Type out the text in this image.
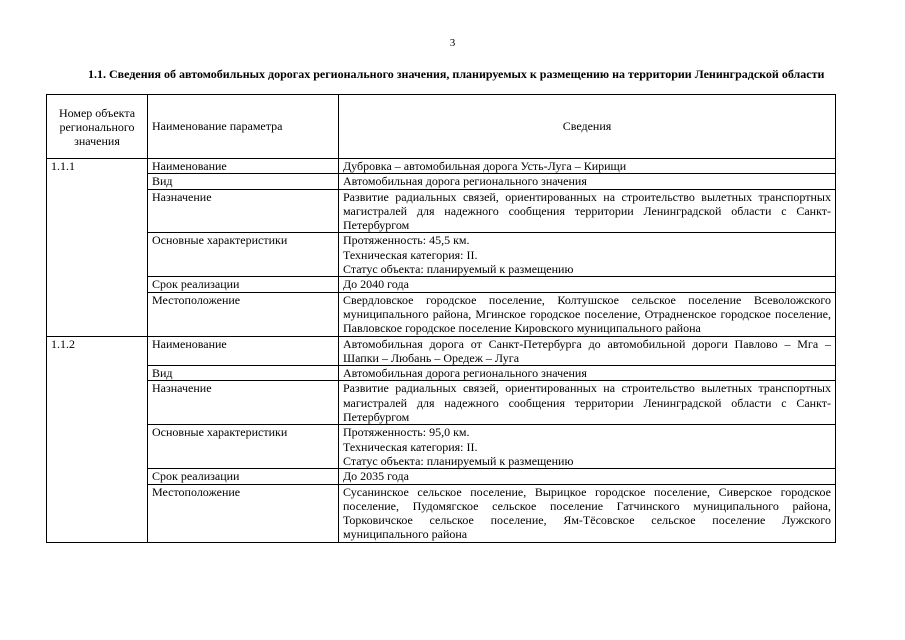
3
1.1. Сведения об автомобильных дорогах регионального значения, планируемых к размещению на территории Ленинградской области
Номер объекта регионального значения	Наименование параметра	Сведения
1.1.1	Наименование	Дубровка – автомобильная дорога Усть-Луга – Кирищи
	Вид	Автомобильная дорога регионального значения
	Назначение	Развитие радиальных связей, ориентированных на строительство вылетных транспортных магистралей для надежного сообщения территории Ленинградской области с Санкт-Петербургом
	Основные характеристики	Протяженность: 45,5 км.
Техническая категория: II.
Статус объекта: планируемый к размещению

	Срок реализации	До 2040 года
	Местоположение	Свердловское городское поселение, Колтушское сельское поселение Всеволожского муниципального района, Мгинское городское поселение, Отрадненское городское поселение, Павловское городское поселение Кировского муниципального района
1.1.2	Наименование	Автомобильная дорога от Санкт-Петербурга до автомобильной дороги Павлово – Мга – Шапки – Любань – Оредеж – Луга
	Вид	Автомобильная дорога регионального значения
	Назначение	Развитие радиальных связей, ориентированных на строительство вылетных транспортных магистралей для надежного сообщения территории Ленинградской области с Санкт-Петербургом
	Основные характеристики	Протяженность: 95,0 км.
Техническая категория: II.
Статус объекта: планируемый к размещению

	Срок реализации	До 2035 года
	Местоположение	Сусанинское сельское поселение, Вырицкое городское поселение, Сиверское городское поселение, Пудомягское сельское поселение Гатчинского муниципального района, Торковичское сельское поселение, Ям-Тёсовское сельское поселение Лужского муниципального района
